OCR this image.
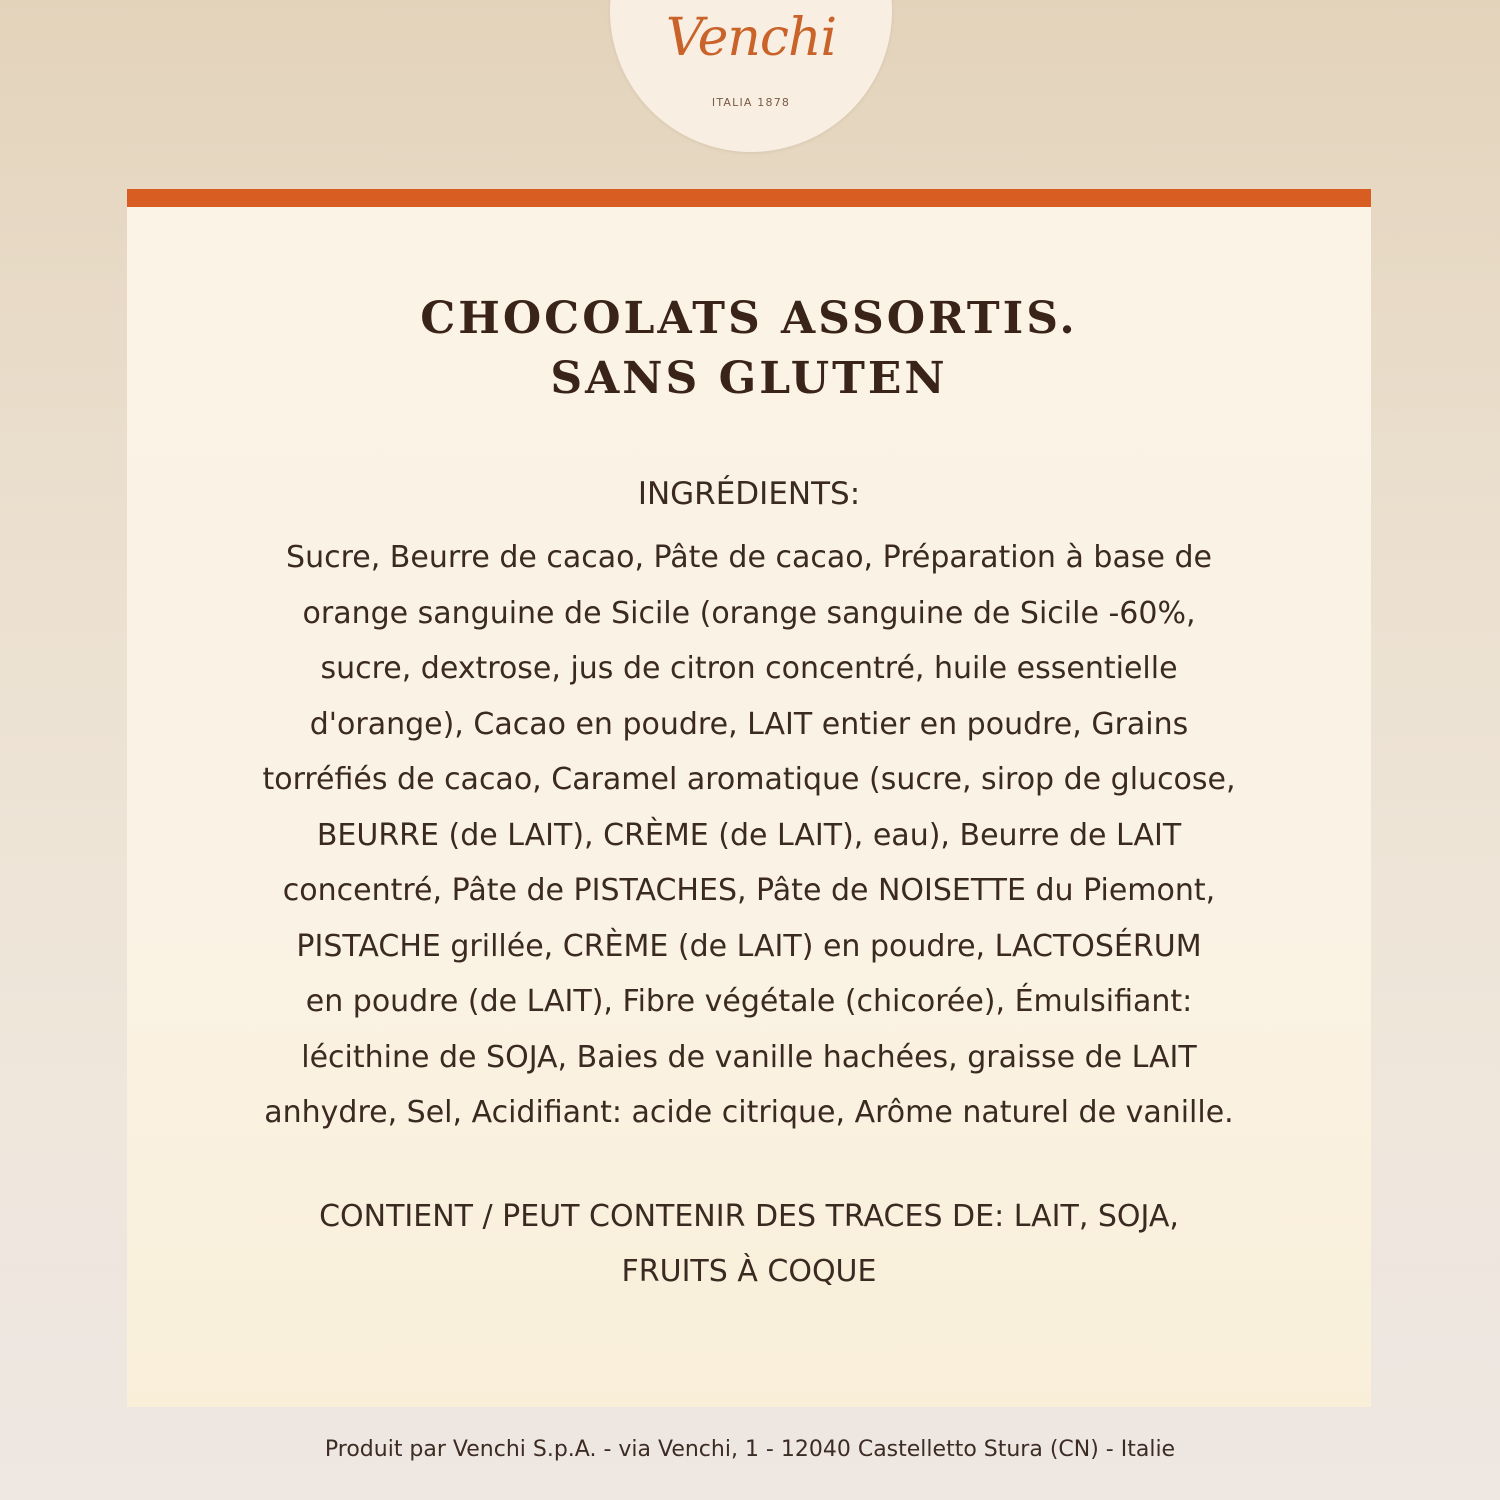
Venchi
ITALIA 1878
CHOCOLATS ASSORTIS.
SANS GLUTEN
INGRÉDIENTS:
Sucre, Beurre de cacao, Pâte de cacao, Préparation à base de
orange sanguine de Sicile (orange sanguine de Sicile -60%,
sucre, dextrose, jus de citron concentré, huile essentielle
d'orange), Cacao en poudre, LAIT entier en poudre, Grains
torréfiés de cacao, Caramel aromatique (sucre, sirop de glucose,
BEURRE (de LAIT), CRÈME (de LAIT), eau), Beurre de LAIT
concentré, Pâte de PISTACHES, Pâte de NOISETTE du Piemont,
PISTACHE grillée, CRÈME (de LAIT) en poudre, LACTOSÉRUM
en poudre (de LAIT), Fibre végétale (chicorée), Émulsifiant:
lécithine de SOJA, Baies de vanille hachées, graisse de LAIT
anhydre, Sel, Acidifiant: acide citrique, Arôme naturel de vanille.
CONTIENT / PEUT CONTENIR DES TRACES DE: LAIT, SOJA,
FRUITS À COQUE
Produit par Venchi S.p.A. - via Venchi, 1 - 12040 Castelletto Stura (CN) - Italie
